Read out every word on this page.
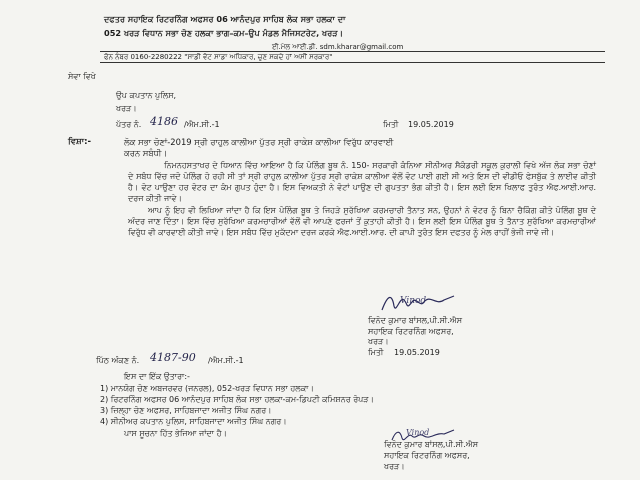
ਦਫਤਰ ਸਹਾਇਕ ਰਿਟਰਨਿੰਗ ਅਫਸਰ 06 ਆਨੰਦਪੁਰ ਸਾਹਿਬ ਲੋਕ ਸਭਾ ਹਲਕਾ ਦਾ
052 ਖਰੜ ਵਿਧਾਨ ਸਭਾ ਚੋਣ ਹਲਕਾ ਭਾਗ–ਕਮ–ਉਪ ਮੰਡਲ ਮੈਜਿਸਟਰੇਟ, ਖਰੜ।
ਈ.ਮੇਲ ਆਈ.ਡੀ. sdm.kharar@gmail.com
ਫੋਨ ਨੰਬਰ 0160-2280222 "ਸਾਡੀ ਵੋਟ ਸਾਡਾ ਅਧਿਕਾਰ, ਚੁਣ ਸਕਦੇ ਹਾਂ ਅਸੀਂ ਸਰਕਾਰ"
ਸੇਵਾ ਵਿਖੇ
ਉਪ ਕਪਤਾਨ ਪੁਲਿਸ,
ਖਰੜ।
ਪੱਤਰ ਨੰ. 4186 /ਐਮ.ਸੀ.-1	ਮਿਤੀ 19.05.2019
ਵਿਸ਼ਾ:-	ਲੋਕ ਸਭਾ ਚੋਣਾਂ-2019 ਸ੍ਰੀ ਰਾਹੁਲ ਕਾਲੀਆ ਪੁੱਤਰ ਸ੍ਰੀ ਰਾਕੇਸ਼ ਕਾਲੀਆ ਵਿਰੁੱਧ ਕਾਰਵਾਈ
ਕਰਨ ਸਬੰਧੀ।
ਨਿਮਨਹਸਤਾਖਰ ਦੇ ਧਿਆਨ ਵਿੱਚ ਆਇਆ ਹੈ ਕਿ ਪੋਲਿੰਗ ਬੂਥ ਨੰ. 150- ਸਰਕਾਰੀ ਕੰਨਿਆ ਸੀਨੀਅਰ ਸੈਕੰਡਰੀ ਸਕੂਲ ਕੁਰਾਲੀ ਵਿਖੇ ਅੱਜ ਲੋਕ ਸਭਾ ਚੋਣਾਂ ਦੇ ਸਬੰਧ ਵਿੱਚ ਜਦੋ ਪੋਲਿੰਗ ਹੋ ਰਹੀ ਸੀ ਤਾਂ ਸ੍ਰੀ ਰਾਹੁਲ ਕਾਲੀਆ ਪੁੱਤਰ ਸ੍ਰੀ ਰਾਕੇਸ਼ ਕਾਲੀਆ ਵੱਲੋਂ ਵੋਟ ਪਾਈ ਗਈ ਸੀ ਅਤੇ ਇਸ ਦੀ ਵੀਡੀਓ ਫੇਸਬੁੱਕ ਤੇ ਲਾਈਵ ਕੀਤੀ ਹੈ। ਵੋਟ ਪਾਉਣਾ ਹਰ ਵੋਟਰ ਦਾ ਕੰਮ ਗੁਪਤ ਹੁੰਦਾ ਹੈ। ਇਸ ਵਿਅਕਤੀ ਨੇ ਵੋਟਾਂ ਪਾਉਣ ਦੀ ਗੁਪਤਤਾ ਭੰਗ ਕੀਤੀ ਹੈ। ਇਸ ਲਈ ਇਸ ਖਿਲਾਫ ਤੁਰੰਤ ਐਫ.ਆਈ.ਆਰ. ਦਰਜ ਕੀਤੀ ਜਾਵੇ।
ਆਪ ਨੂੰ ਇਹ ਵੀ ਲਿਖਿਆ ਜਾਂਦਾ ਹੈ ਕਿ ਇਸ ਪੋਲਿੰਗ ਬੂਥ ਤੇ ਜਿਹੜੇ ਸੁਰੱਖਿਆ ਕਰਮਚਾਰੀ ਤੈਨਾਤ ਸਨ, ਉਹਨਾਂ ਨੇ ਵੋਟਰ ਨੂੰ ਬਿਨਾ ਚੈਕਿੰਗ ਕੀਤੇ ਪੋਲਿੰਗ ਬੂਥ ਦੇ ਅੰਦਰ ਜਾਣ ਦਿੱਤਾ। ਇਸ ਵਿੱਚ ਸੁਰੱਖਿਆ ਕਰਮਚਾਰੀਆਂ ਵੱਲੋਂ ਵੀ ਆਪਣੇ ਫਰਜਾਂ ਤੋਂ ਕੁਤਾਹੀ ਕੀਤੀ ਹੈ। ਇਸ ਲਈ ਇਸ ਪੋਲਿੰਗ ਬੂਥ ਤੇ ਤੈਨਾਤ ਸੁਰੱਖਿਆ ਕਰਮਚਾਰੀਆਂ ਵਿਰੁੱਧ ਵੀ ਕਾਰਵਾਈ ਕੀਤੀ ਜਾਵੇ। ਇਸ ਸਬੰਧ ਵਿੱਚ ਮੁਕੱਦਮਾ ਦਰਜ ਕਰਕੇ ਐਫ.ਆਈ.ਆਰ. ਦੀ ਕਾਪੀ ਤੁਰੰਤ ਇਸ ਦਫਤਰ ਨੂੰ ਮੇਲ ਰਾਹੀਂ ਭੇਜੀ ਜਾਵੇ ਜੀ।
Vinod
ਵਿਨੋਦ ਕੁਮਾਰ ਬਾਂਸਲ,ਪੀ.ਸੀ.ਐਸ
ਸਹਾਇਕ ਰਿਟਰਨਿੰਗ ਅਫਸਰ,
ਖਰੜ।
ਮਿਤੀ 19.05.2019
ਪਿੱਠ ਅੰਕਣ ਨੰ. 4187-90 /ਐਮ.ਸੀ.-1
ਇਸ ਦਾ ਇੱਕ ਉਤਾਰਾ:-
1) ਮਾਨਯੋਗ ਚੋਣ ਅਬਜਰਵਰ (ਜਨਰਲ), 052-ਖਰੜ ਵਿਧਾਨ ਸਭਾ ਹਲਕਾ।
2) ਰਿਟਰਨਿੰਗ ਅਫਸਰ 06 ਆਨੰਦਪੁਰ ਸਾਹਿਬ ਲੋਕ ਸਭਾ ਹਲਕਾ-ਕਮ-ਡਿਪਟੀ ਕਮਿਸ਼ਨਰ ਰੋਪੜ।
3) ਜ਼ਿਲ੍ਹਾ ਚੋਣ ਅਫਸਰ, ਸਾਹਿਬਜਾਦਾ ਅਜੀਤ ਸਿੰਘ ਨਗਰ।
4) ਸੀਨੀਅਰ ਕਪਤਾਨ ਪੁਲਿਸ, ਸਾਹਿਬਜਾਦਾ ਅਜੀਤ ਸਿੰਘ ਨਗਰ।
ਪਾਸ ਸੂਚਨਾ ਹਿੱਤ ਭੇਜਿਆ ਜਾਂਦਾ ਹੈ।	Vinod
ਵਿਨੋਦ ਕੁਮਾਰ ਬਾਂਸਲ,ਪੀ.ਸੀ.ਐਸ
ਸਹਾਇਕ ਰਿਟਰਨਿੰਗ ਅਫਸਰ,
ਖਰੜ।
